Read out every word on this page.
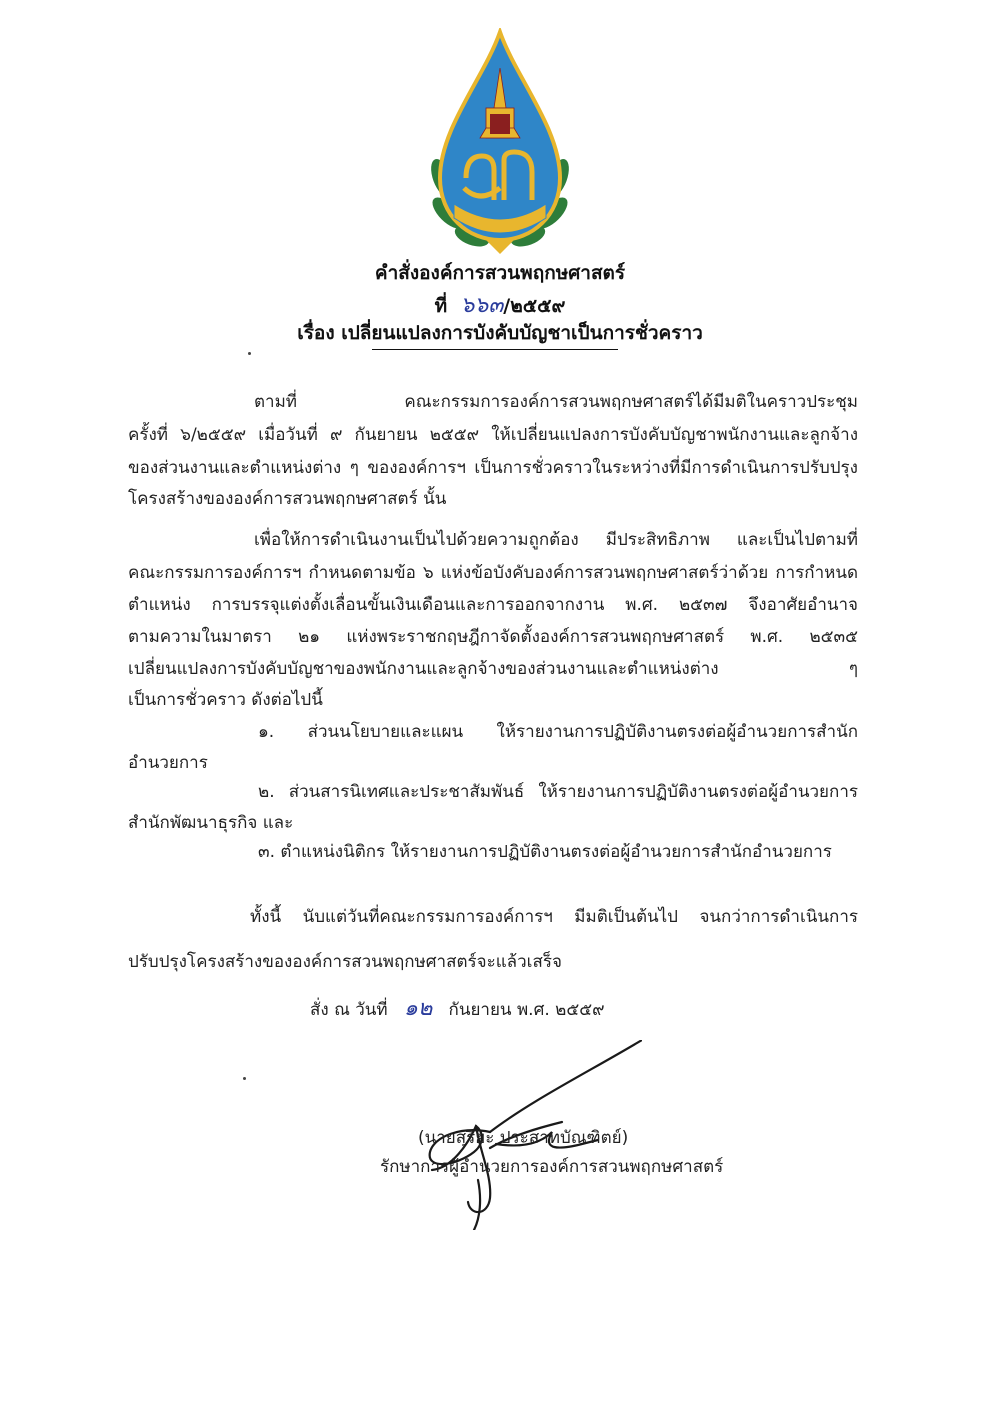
คำสั่งองค์การสวนพฤกษศาสตร์
ที่ ๖๖๓/๒๕๕๙
เรื่อง เปลี่ยนแปลงการบังคับบัญชาเป็นการชั่วคราว
ตามที่ คณะกรรมการองค์การสวนพฤกษศาสตร์ได้มีมติในคราวประชุม
ครั้งที่ ๖/๒๕๕๙ เมื่อวันที่ ๙ กันยายน ๒๕๕๙ ให้เปลี่ยนแปลงการบังคับบัญชาพนักงานและลูกจ้าง
ของส่วนงานและตำแหน่งต่าง ๆ ขององค์การฯ เป็นการชั่วคราวในระหว่างที่มีการดำเนินการปรับปรุง
โครงสร้างขององค์การสวนพฤกษศาสตร์ นั้น
เพื่อให้การดำเนินงานเป็นไปด้วยความถูกต้อง มีประสิทธิภาพ และเป็นไปตามที่
คณะกรรมการองค์การฯ กำหนดตามข้อ ๖ แห่งข้อบังคับองค์การสวนพฤกษศาสตร์ว่าด้วย การกำหนด
ตำแหน่ง การบรรจุแต่งตั้งเลื่อนขั้นเงินเดือนและการออกจากงาน พ.ศ. ๒๕๓๗ จึงอาศัยอำนาจ
ตามความในมาตรา ๒๑ แห่งพระราชกฤษฎีกาจัดตั้งองค์การสวนพฤกษศาสตร์ พ.ศ. ๒๕๓๕
เปลี่ยนแปลงการบังคับบัญชาของพนักงานและลูกจ้างของส่วนงานและตำแหน่งต่าง ๆ
เป็นการชั่วคราว ดังต่อไปนี้
๑. ส่วนนโยบายและแผน ให้รายงานการปฏิบัติงานตรงต่อผู้อำนวยการสำนัก
อำนวยการ
๒. ส่วนสารนิเทศและประชาสัมพันธ์ ให้รายงานการปฏิบัติงานตรงต่อผู้อำนวยการ
สำนักพัฒนาธุรกิจ และ
๓. ตำแหน่งนิติกร ให้รายงานการปฏิบัติงานตรงต่อผู้อำนวยการสำนักอำนวยการ
ทั้งนี้ นับแต่วันที่คณะกรรมการองค์การฯ มีมติเป็นต้นไป จนกว่าการดำเนินการ
ปรับปรุงโครงสร้างขององค์การสวนพฤกษศาสตร์จะแล้วเสร็จ
สั่ง ณ วันที่ ๑๒ กันยายน พ.ศ. ๒๕๕๙
(นายสุริยะ ประสาทบัณฑิตย์)
รักษาการผู้อำนวยการองค์การสวนพฤกษศาสตร์
